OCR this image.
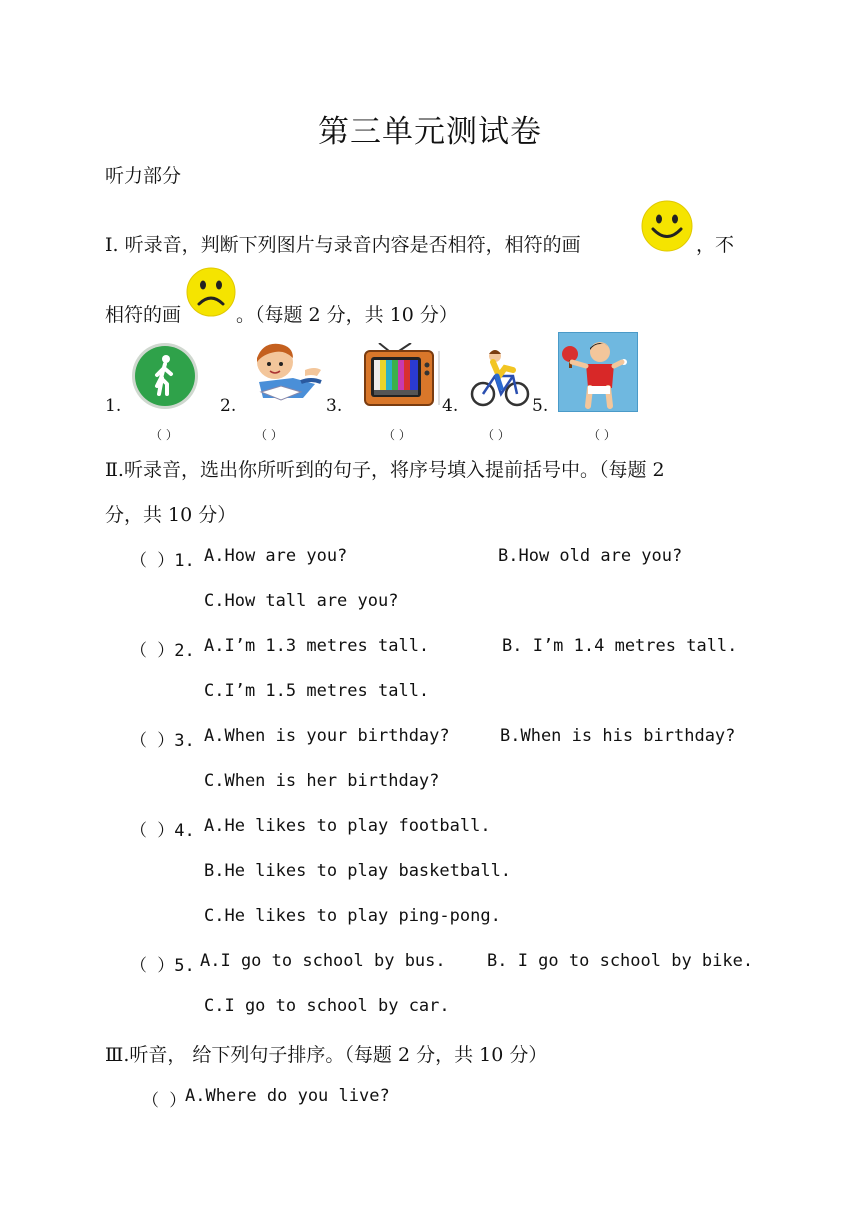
第三单元测试卷
听力部分
Ⅰ. 听录音，判断下列图片与录音内容是否相符，相符的画	，不
相符的画	。（每题 2 分，共 10 分）
1.	2.	3.	4.	5.
（ ）	（ ）	（ ）	（ ）	（ ）
Ⅱ.听录音，选出你所听到的句子，将序号填入提前括号中。（每题 2
分，共 10 分）
（ ）1. A.How are you?	B.How old are you?
C.How tall are you?
（ ）2. A.I’m 1.3 metres tall.	B. I’m 1.4 metres tall.
C.I’m 1.5 metres tall.
（ ）3. A.When is your birthday?	B.When is his birthday?
C.When is her birthday?
（ ）4. A.He likes to play football.
B.He likes to play basketball.
C.He likes to play ping-pong.
（ ）5. A.I go to school by bus. B. I go to school by bike.
C.I go to school by car.
Ⅲ.听音， 给下列句子排序。（每题 2 分，共 10 分）
（ ）
A.Where do you live?
